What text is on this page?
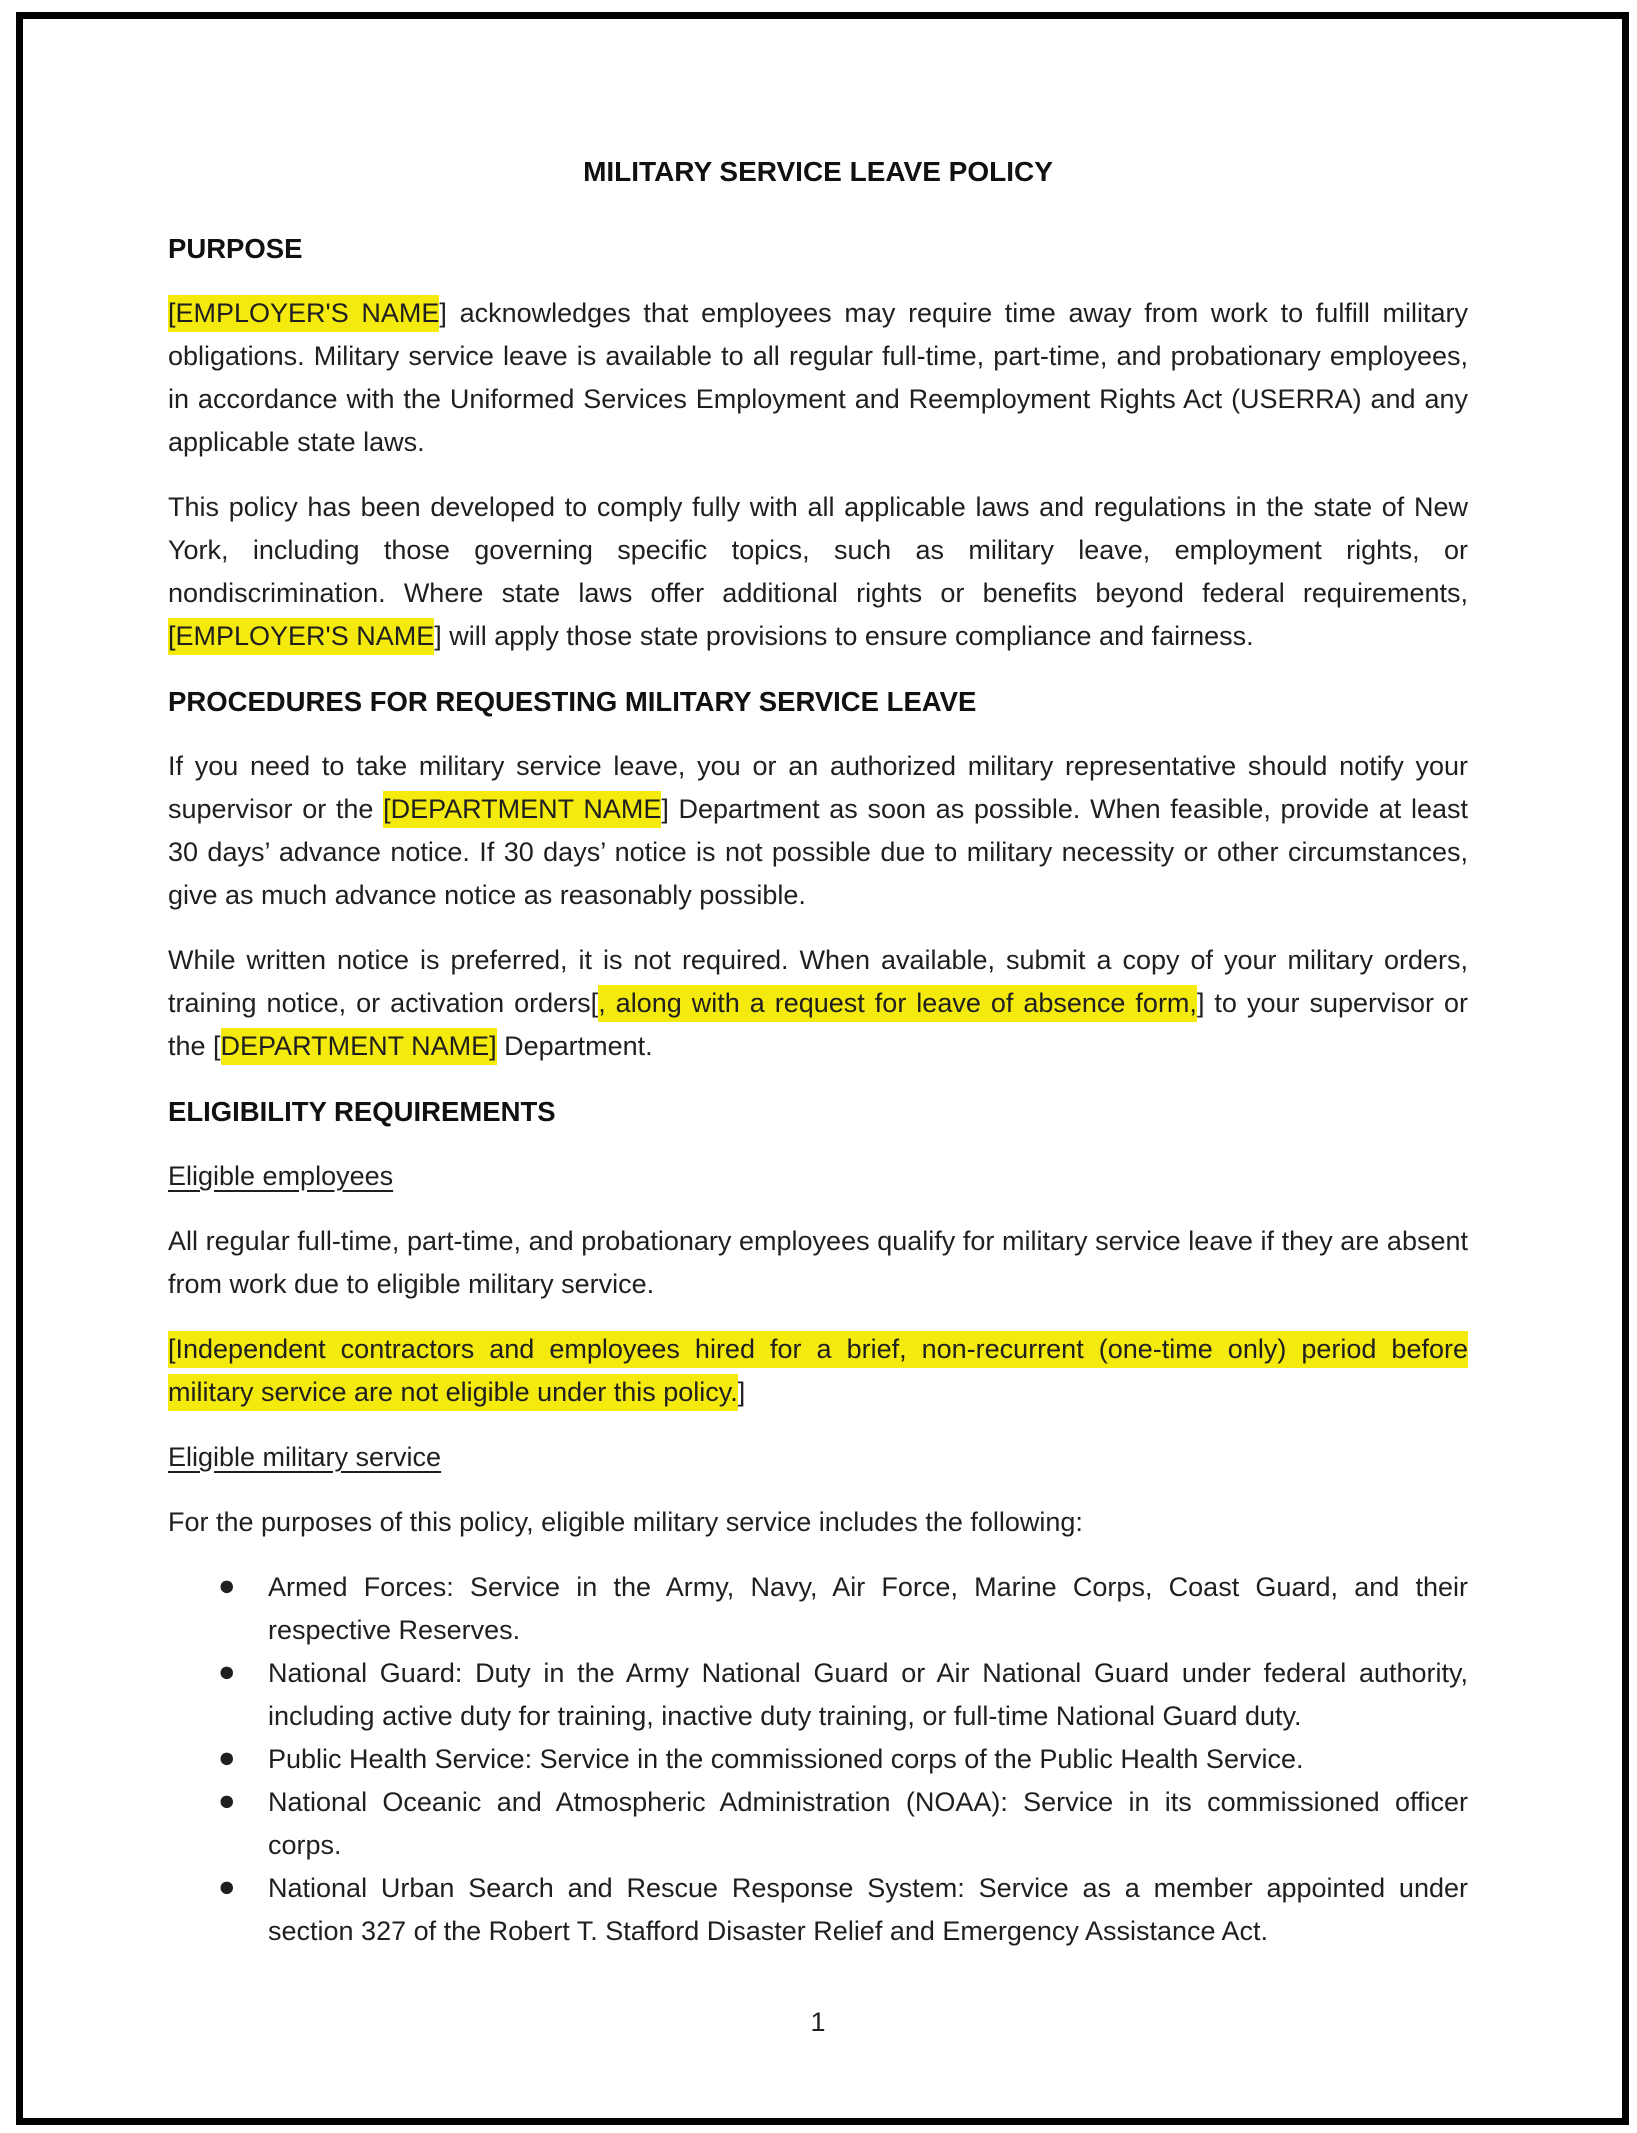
MILITARY SERVICE LEAVE POLICY
PURPOSE

[EMPLOYER'S NAME] acknowledges that employees may require time away from work to fulfill military obligations. Military service leave is available to all regular full-time, part-time, and probationary employees, in accordance with the Uniformed Services Employment and Reemployment Rights Act (USERRA) and any applicable state laws.

This policy has been developed to comply fully with all applicable laws and regulations in the state of New York, including those governing specific topics, such as military leave, employment rights, or nondiscrimination. Where state laws offer additional rights or benefits beyond federal requirements, [EMPLOYER'S NAME] will apply those state provisions to ensure compliance and fairness.

PROCEDURES FOR REQUESTING MILITARY SERVICE LEAVE

If you need to take military service leave, you or an authorized military representative should notify your supervisor or the [DEPARTMENT NAME] Department as soon as possible. When feasible, provide at least 30 days’ advance notice. If 30 days’ notice is not possible due to military necessity or other circumstances, give as much advance notice as reasonably possible.

While written notice is preferred, it is not required. When available, submit a copy of your military orders, training notice, or activation orders[, along with a request for leave of absence form,] to your supervisor or the [DEPARTMENT NAME] Department.

ELIGIBILITY REQUIREMENTS
Eligible employees

All regular full-time, part-time, and probationary employees qualify for military service leave if they are absent from work due to eligible military service.

[Independent contractors and employees hired for a brief, non-recurrent (one-time only) period before military service are not eligible under this policy.]

Eligible military service

For the purposes of this policy, eligible military service includes the following:

● Armed Forces: Service in the Army, Navy, Air Force, Marine Corps, Coast Guard, and their respective Reserves.
● National Guard: Duty in the Army National Guard or Air National Guard under federal authority, including active duty for training, inactive duty training, or full-time National Guard duty.
● Public Health Service: Service in the commissioned corps of the Public Health Service.
● National Oceanic and Atmospheric Administration (NOAA): Service in its commissioned officer corps.
● National Urban Search and Rescue Response System: Service as a member appointed under section 327 of the Robert T. Stafford Disaster Relief and Emergency Assistance Act.
1
